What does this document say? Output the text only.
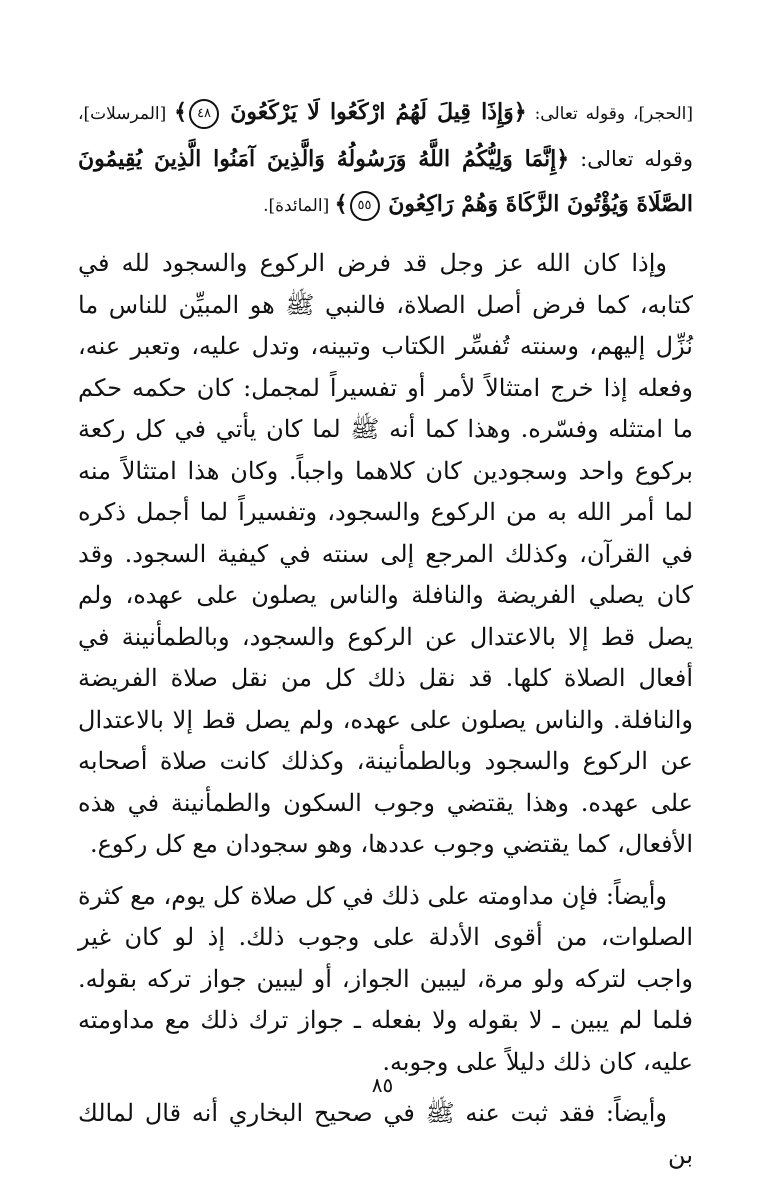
[الحجر]، وقوله تعالى: ﴿وَإِذَا قِيلَ لَهُمُ ارْكَعُوا لَا يَرْكَعُونَ ٤٨﴾ [المرسلات]، وقوله تعالى: ﴿إِنَّمَا وَلِيُّكُمُ اللَّهُ وَرَسُولُهُ وَالَّذِينَ آمَنُوا الَّذِينَ يُقِيمُونَ الصَّلَاةَ وَيُؤْتُونَ الزَّكَاةَ وَهُمْ رَاكِعُونَ ٥٥﴾ [المائدة].

وإذا كان الله عز وجل قد فرض الركوع والسجود لله في كتابه، كما فرض أصل الصلاة، فالنبي ﷺ هو المبيِّن للناس ما نُزِّل إليهم، وسنته تُفسِّر الكتاب وتبينه، وتدل عليه، وتعبر عنه، وفعله إذا خرج امتثالاً لأمر أو تفسيراً لمجمل: كان حكمه حكم ما امتثله وفسّره. وهذا كما أنه ﷺ لما كان يأتي في كل ركعة بركوع واحد وسجودين كان كلاهما واجباً. وكان هذا امتثالاً منه لما أمر الله به من الركوع والسجود، وتفسيراً لما أجمل ذكره في القرآن، وكذلك المرجع إلى سنته في كيفية السجود. وقد كان يصلي الفريضة والنافلة والناس يصلون على عهده، ولم يصل قط إلا بالاعتدال عن الركوع والسجود، وبالطمأنينة في أفعال الصلاة كلها. قد نقل ذلك كل من نقل صلاة الفريضة والنافلة. والناس يصلون على عهده، ولم يصل قط إلا بالاعتدال عن الركوع والسجود وبالطمأنينة، وكذلك كانت صلاة أصحابه على عهده. وهذا يقتضي وجوب السكون والطمأنينة في هذه الأفعال، كما يقتضي وجوب عددها، وهو سجودان مع كل ركوع.

وأيضاً: فإن مداومته على ذلك في كل صلاة كل يوم، مع كثرة الصلوات، من أقوى الأدلة على وجوب ذلك. إذ لو كان غير واجب لتركه ولو مرة، ليبين الجواز، أو ليبين جواز تركه بقوله. فلما لم يبين ـ لا بقوله ولا بفعله ـ جواز ترك ذلك مع مداومته عليه، كان ذلك دليلاً على وجوبه.

وأيضاً: فقد ثبت عنه ﷺ في صحيح البخاري أنه قال لمالك بن

٨٥
